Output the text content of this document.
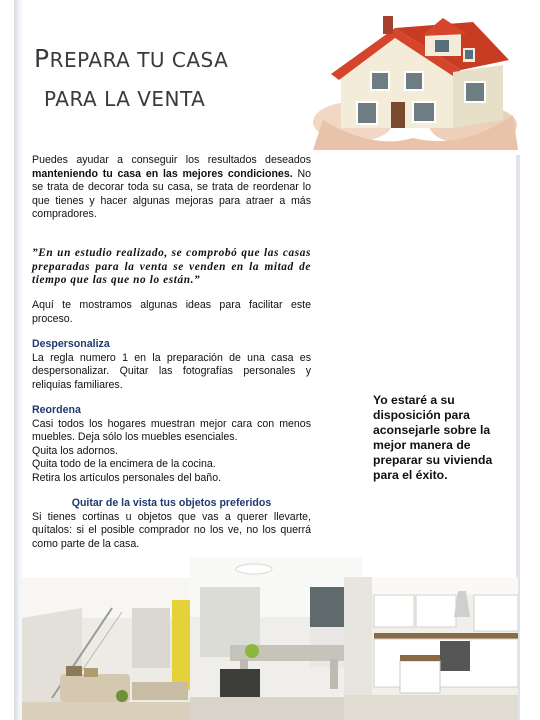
PREPARA TU CASA
PARA LA VENTA
Puedes ayudar a conseguir los resultados deseados manteniendo tu casa en las mejores condiciones. No se trata de decorar toda su casa, se trata de reordenar lo que tienes y hacer algunas mejoras para atraer a más compradores.
”En un estudio realizado, se comprobó que las casas preparadas para la venta se venden en la mitad de tiempo que las que no lo están.”
Aquí te mostramos algunas ideas para facilitar este proceso.
Despersonaliza
La regla numero 1 en la preparación de una casa es despersonalizar. Quitar las fotografías personales y reliquias familiares.
Reordena
Casi todos los hogares muestran mejor cara con menos muebles. Deja sólo los muebles esenciales.
Quita los adornos.
Quita todo de la encimera de la cocina.
Retira los artículos personales del baño.
Quitar de la vista tus objetos preferidos
Si tienes cortinas u objetos que vas a querer llevarte, quítalos: si el posible comprador no los ve, no los querrá como parte de la casa.
Yo estaré a su disposición para aconsejarle sobre la mejor manera de preparar su vivienda para el éxito.
